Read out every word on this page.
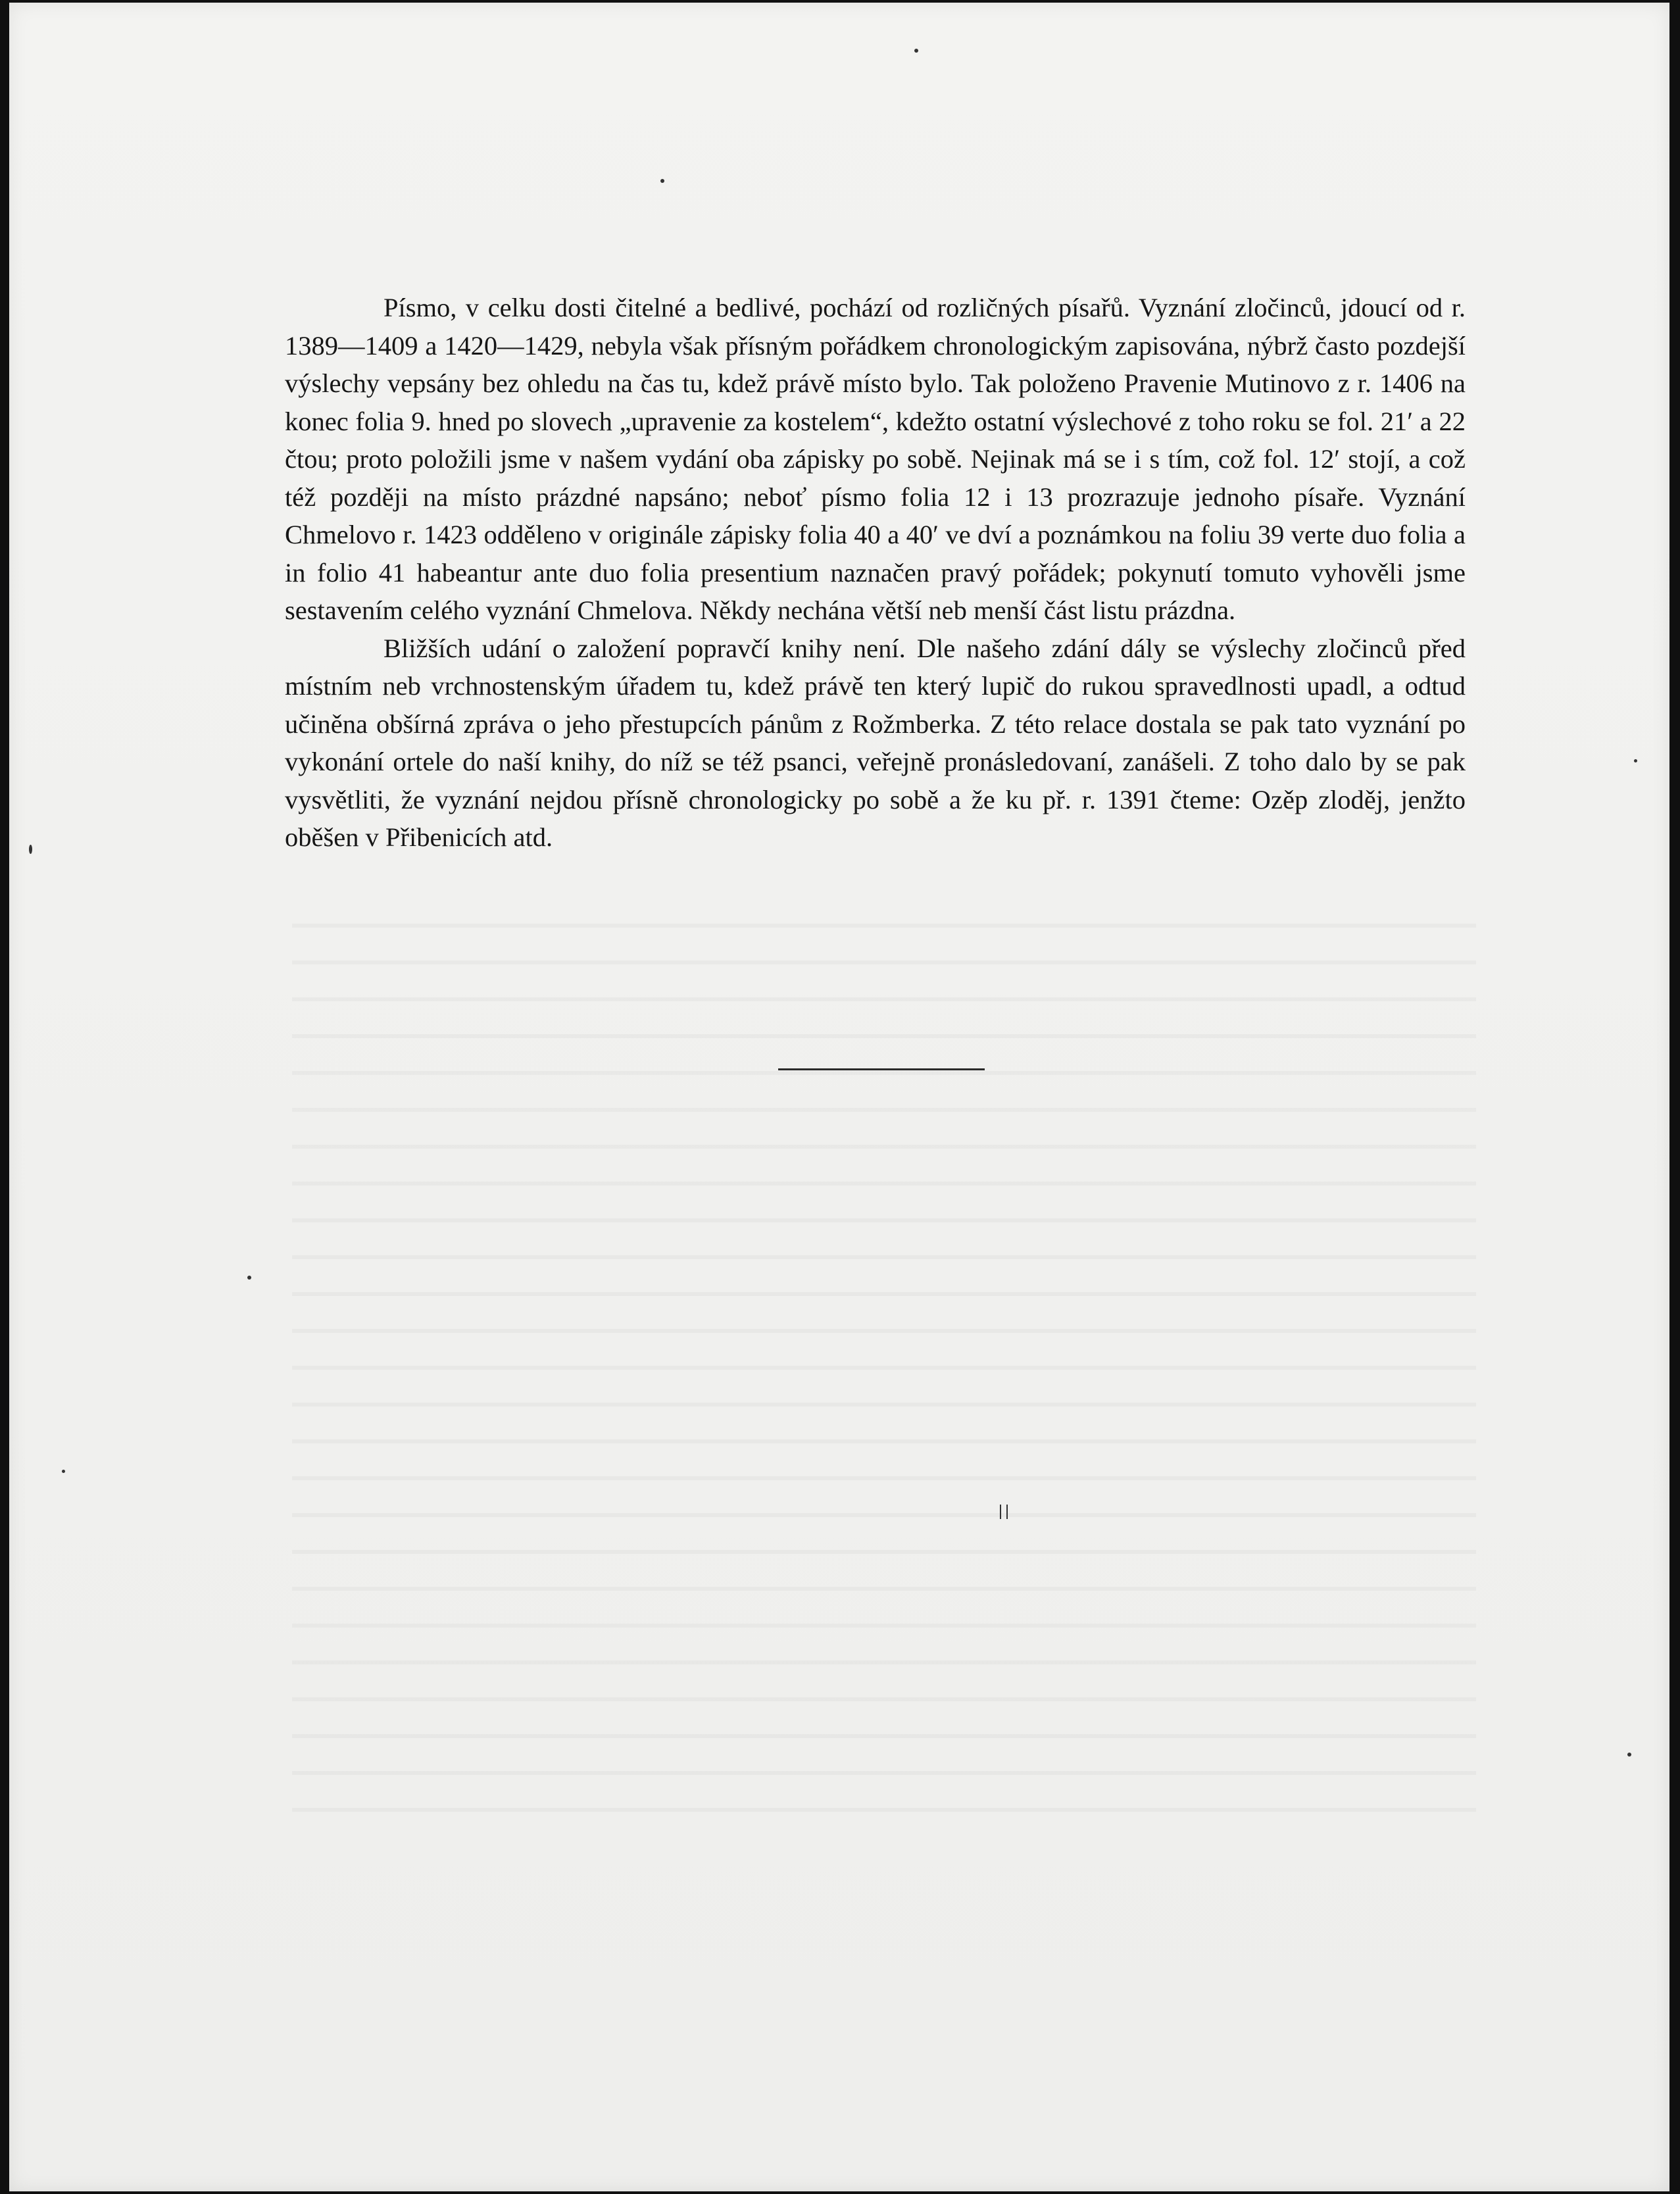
Písmo, v celku dosti čitelné a bedlivé, pochází od rozličných písařů. Vyznání zločinců, jdoucí od r. 1389—1409 a 1420—1429, nebyla však přísným pořádkem chronologickým zapisována, nýbrž často pozdejší výslechy vepsány bez ohledu na čas tu, kdež právě místo bylo. Tak položeno Pravenie Mutinovo z r. 1406 na konec folia 9. hned po slovech „upravenie za kostelem“, kdežto ostatní výslechové z toho roku se fol. 21′ a 22 čtou; proto položili jsme v našem vydání oba zápisky po sobě. Nejinak má se i s tím, což fol. 12′ stojí, a což též později na místo prázdné napsáno; neboť písmo folia 12 i 13 prozrazuje jednoho písaře. Vyznání Chmelovo r. 1423 odděleno v originále zápisky folia 40 a 40′ ve dví a poznámkou na foliu 39 verte duo folia a in folio 41 habeantur ante duo folia presentium naznačen pravý pořádek; pokynutí tomuto vyhověli jsme sestavením celého vyznání Chmelova. Někdy nechána větší neb menší část listu prázdna.

Bližších udání o založení popravčí knihy není. Dle našeho zdání dály se výslechy zločinců před místním neb vrchnostenským úřadem tu, kdež právě ten který lupič do rukou spravedlnosti upadl, a odtud učiněna obšírná zpráva o jeho přestupcích pánům z Rožmberka. Z této relace dostala se pak tato vyznání po vykonání ortele do naší knihy, do níž se též psanci, veřejně pronásledovaní, zanášeli. Z toho dalo by se pak vysvětliti, že vyznání nejdou přísně chronologicky po sobě a že ku př. r. 1391 čteme: Ozěp zloděj, jenžto oběšen v Přibenicích atd.
